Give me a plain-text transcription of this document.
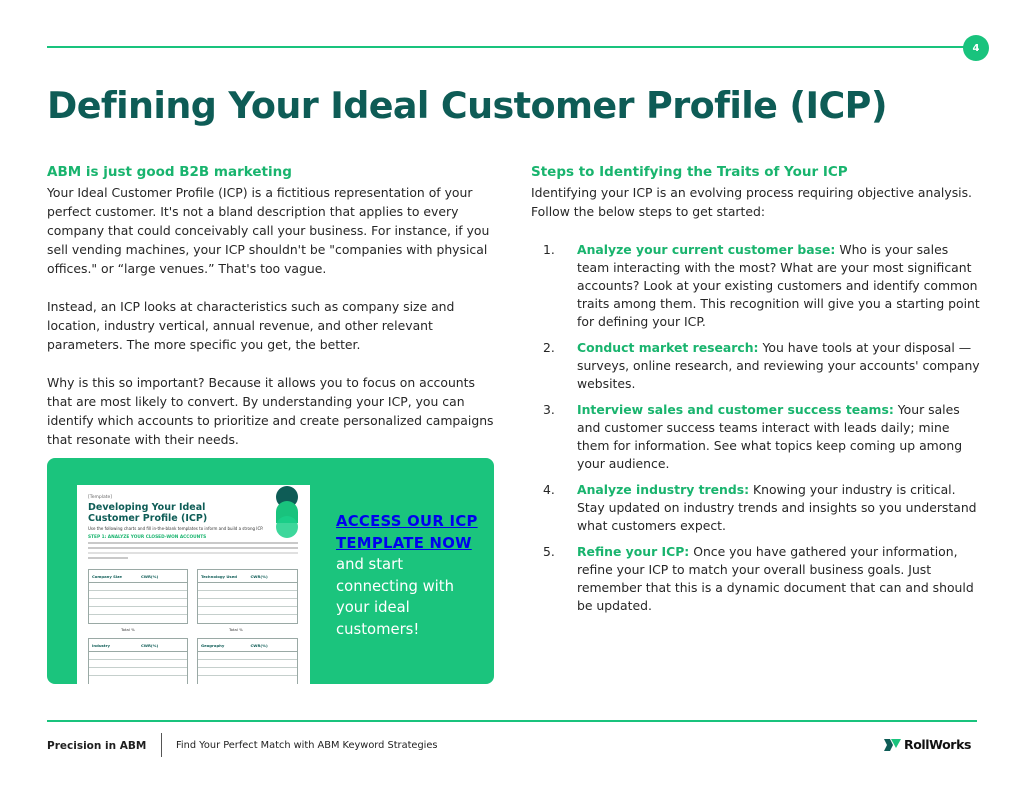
4
Defining Your Ideal Customer Profile (ICP)
ABM is just good B2B marketing

Your Ideal Customer Profile (ICP) is a fictitious representation of your perfect customer. It's not a bland description that applies to every company that could conceivably call your business. For instance, if you sell vending machines, your ICP shouldn't be "companies with physical offices." or “large venues.” That's too vague.

Instead, an ICP looks at characteristics such as company size and location, industry vertical, annual revenue, and other relevant parameters. The more specific you get, the better.

Why is this so important? Because it allows you to focus on accounts that are most likely to convert. By understanding your ICP, you can identify which accounts to prioritize and create personalized campaigns that resonate with their needs.

Steps to Identifying the Traits of Your ICP

Identifying your ICP is an evolving process requiring objective analysis. Follow the below steps to get started:

1. Analyze your current customer base: Who is your sales team interacting with the most? What are your most significant accounts? Look at your existing customers and identify common traits among them. This recognition will give you a starting point for defining your ICP.
2. Conduct market research: You have tools at your disposal — surveys, online research, and reviewing your accounts' company websites.
3. Interview sales and customer success teams: Your sales and customer success teams interact with leads daily; mine them for information. See what topics keep coming up among your audience.
4. Analyze industry trends: Knowing your industry is critical. Stay updated on industry trends and insights so you understand what customers expect.
5. Refine your ICP: Once you have gathered your information, refine your ICP to match your overall business goals. Just remember that this is a dynamic document that can and should be updated.
[Template]
Developing Your Ideal Customer Profile (ICP)
Use the following charts and fill in-the-blank templates to inform and build a strong ICP.
STEP 1: ANALYZE YOUR CLOSED-WON ACCOUNTS
Company Size	CWR(%)	Technology Used	CWR(%)
Total %	Total %
Industry	CWR(%)	Geography	CWR(%)
ACCESS OUR ICP TEMPLATE NOW
and start connecting with your ideal customers!
Precision in ABM	Find Your Perfect Match with ABM Keyword Strategies	RollWorks
